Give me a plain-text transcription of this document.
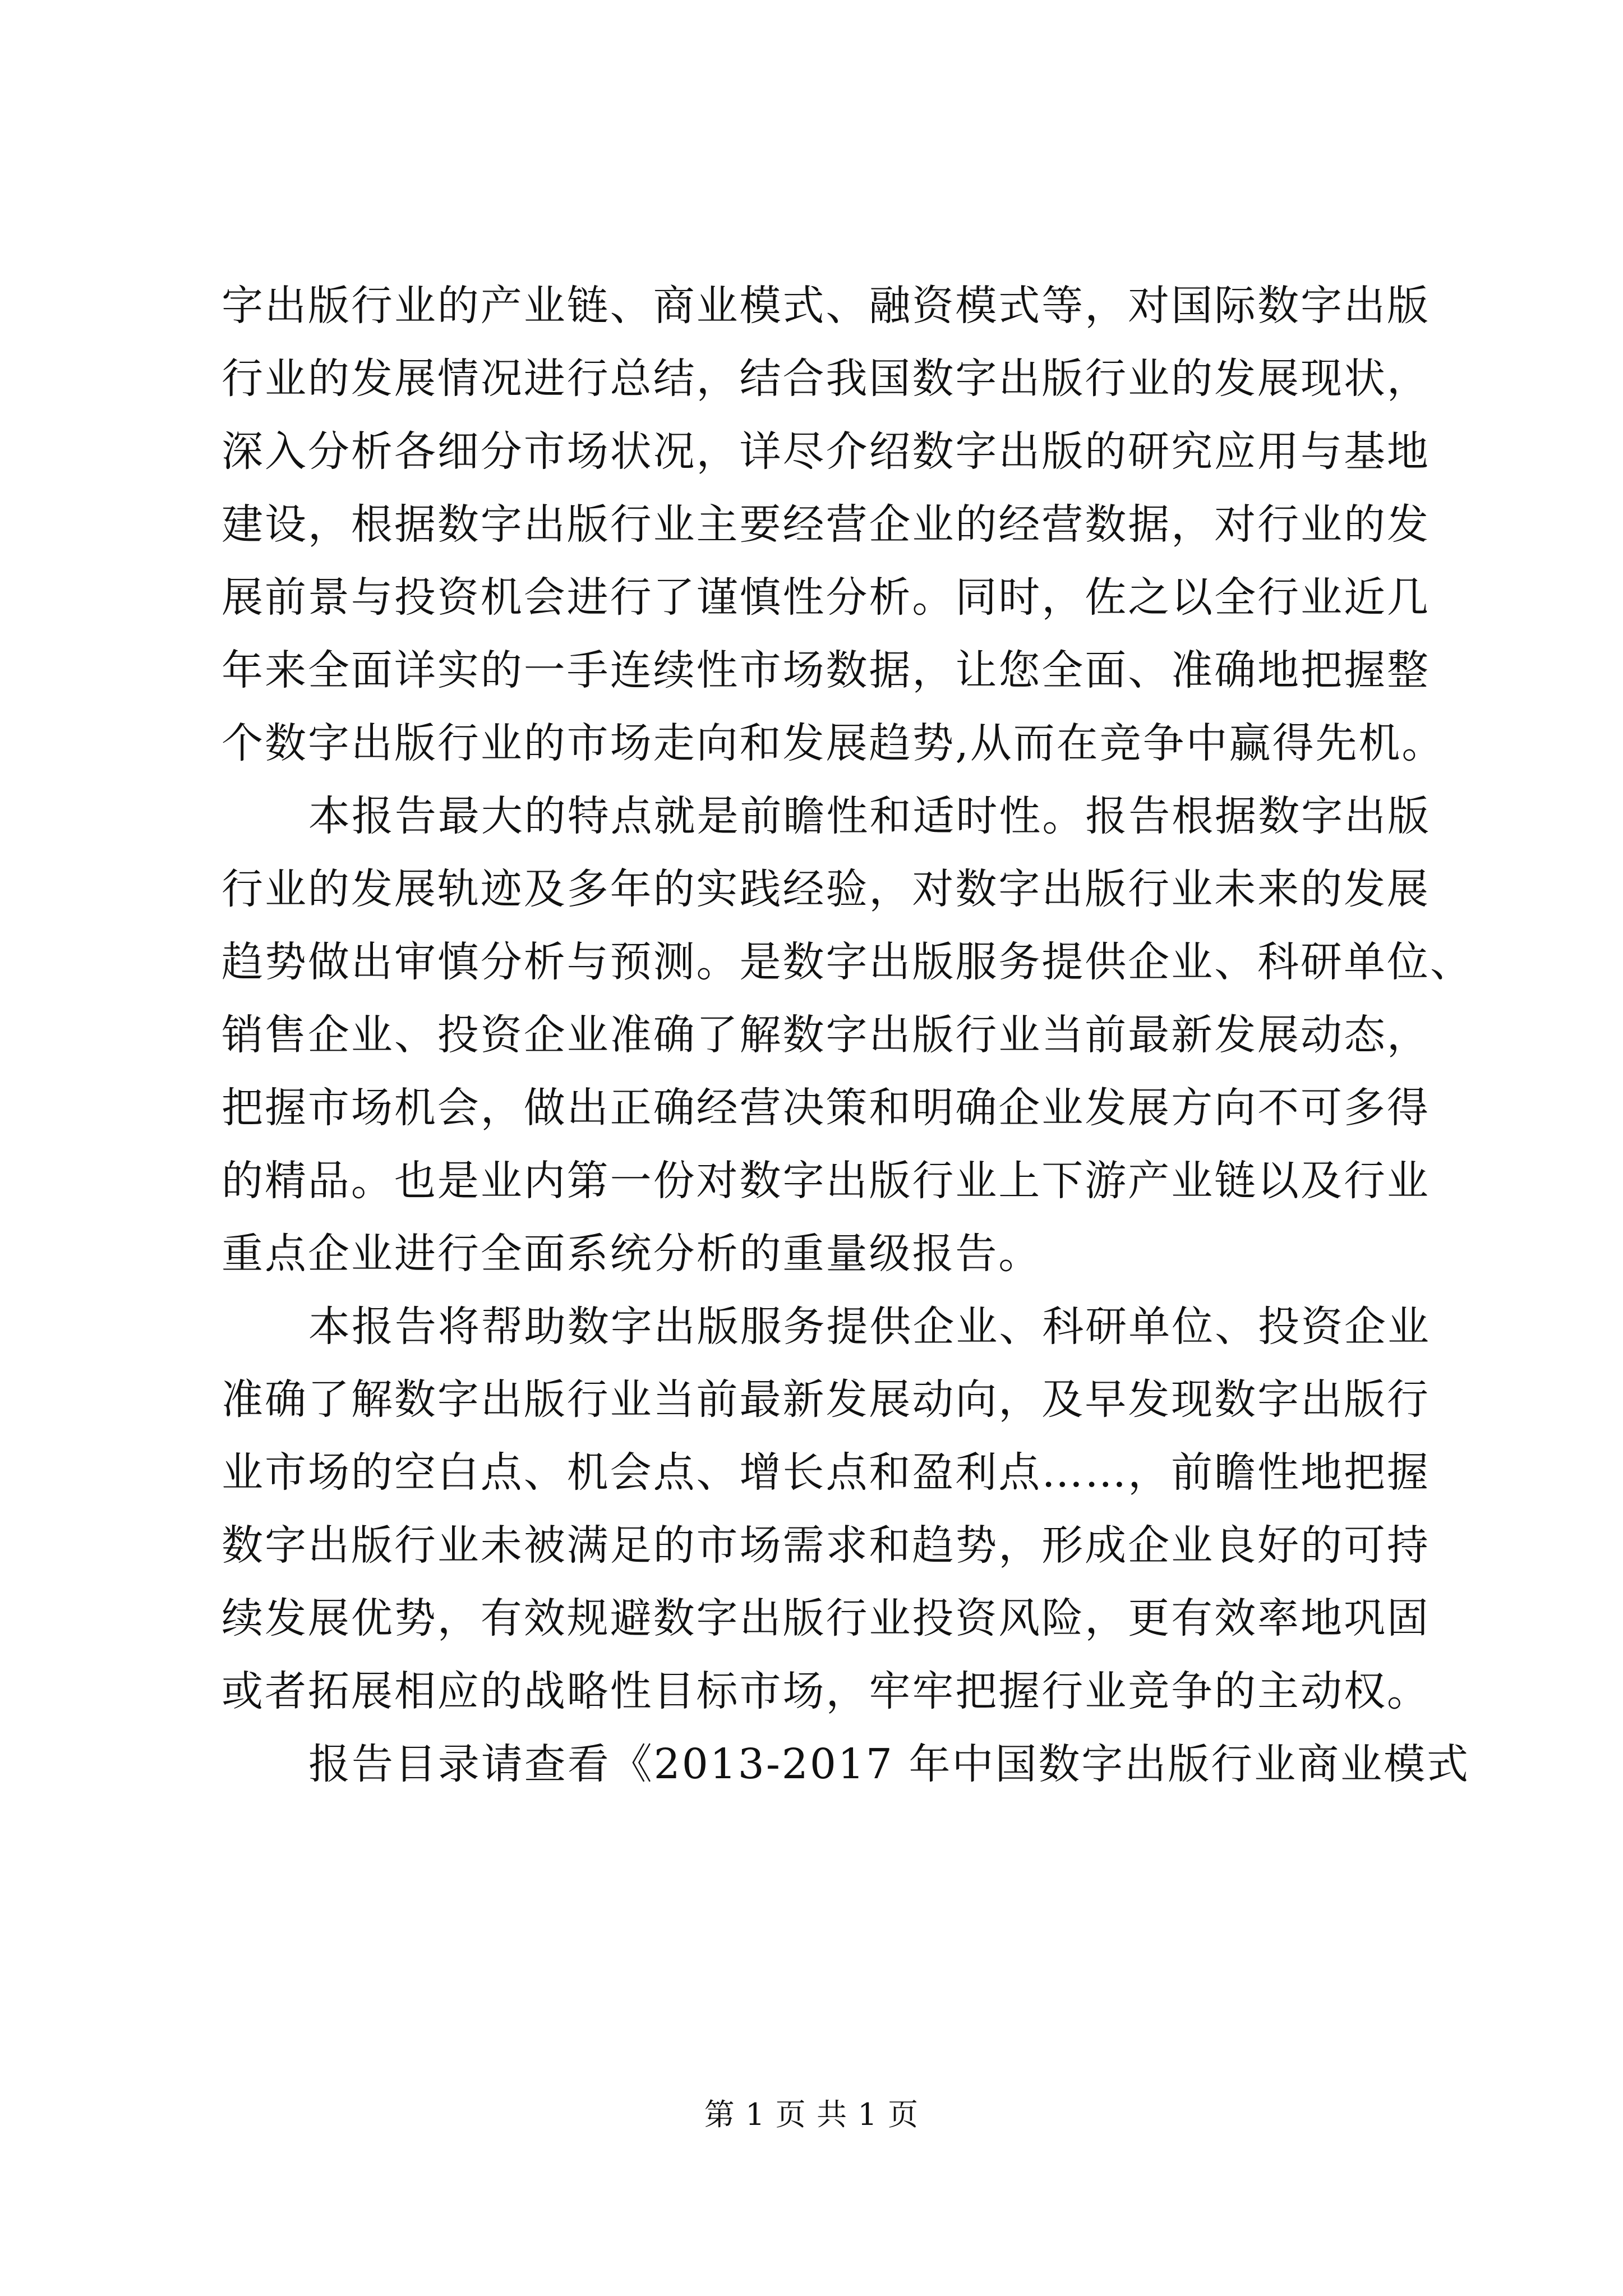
字出版行业的产业链、商业模式、融资模式等，对国际数字出版
行业的发展情况进行总结，结合我国数字出版行业的发展现状，
深入分析各细分市场状况，详尽介绍数字出版的研究应用与基地
建设，根据数字出版行业主要经营企业的经营数据，对行业的发
展前景与投资机会进行了谨慎性分析。同时，佐之以全行业近几
年来全面详实的一手连续性市场数据，让您全面、准确地把握整
个数字出版行业的市场走向和发展趋势,从而在竞争中赢得先机。
本报告最大的特点就是前瞻性和适时性。报告根据数字出版
行业的发展轨迹及多年的实践经验，对数字出版行业未来的发展
趋势做出审慎分析与预测。是数字出版服务提供企业、科研单位、
销售企业、投资企业准确了解数字出版行业当前最新发展动态，
把握市场机会，做出正确经营决策和明确企业发展方向不可多得
的精品。也是业内第一份对数字出版行业上下游产业链以及行业
重点企业进行全面系统分析的重量级报告。
本报告将帮助数字出版服务提供企业、科研单位、投资企业
准确了解数字出版行业当前最新发展动向，及早发现数字出版行
业市场的空白点、机会点、增长点和盈利点……，前瞻性地把握
数字出版行业未被满足的市场需求和趋势，形成企业良好的可持
续发展优势，有效规避数字出版行业投资风险，更有效率地巩固
或者拓展相应的战略性目标市场，牢牢把握行业竞争的主动权。
报告目录请查看《2013-2017 年中国数字出版行业商业模式
第 1 页 共 1 页
